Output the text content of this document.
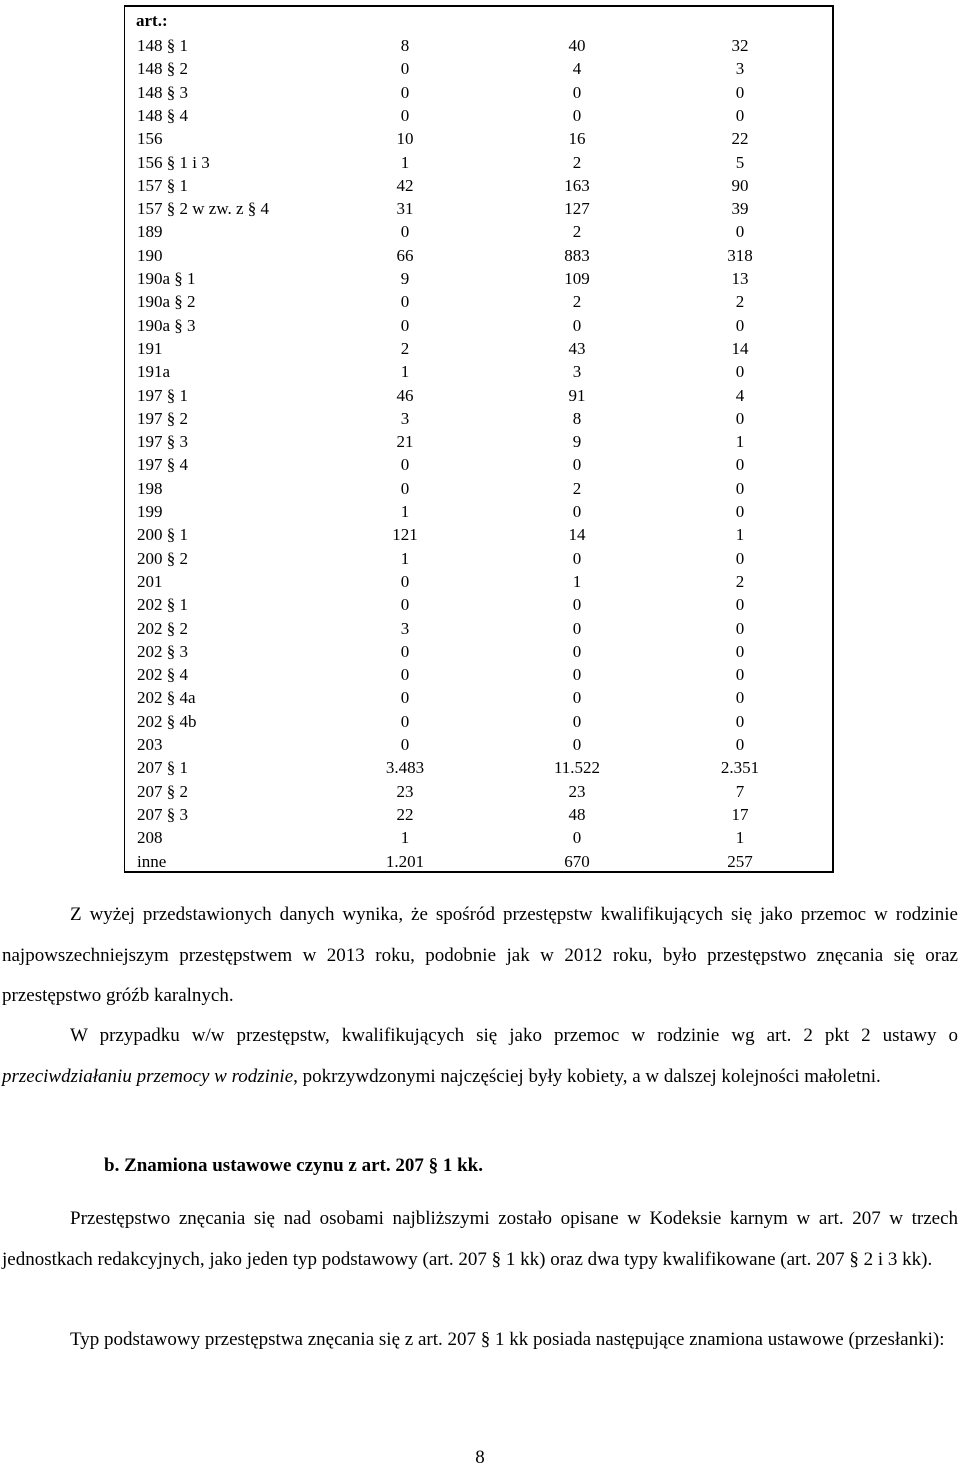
art.:
148 § 1	8	40	32
148 § 2	0	4	3
148 § 3	0	0	0
148 § 4	0	0	0
156	10	16	22
156 § 1 i 3	1	2	5
157 § 1	42	163	90
157 § 2 w zw. z § 4	31	127	39
189	0	2	0
190	66	883	318
190a § 1	9	109	13
190a § 2	0	2	2
190a § 3	0	0	0
191	2	43	14
191a	1	3	0
197 § 1	46	91	4
197 § 2	3	8	0
197 § 3	21	9	1
197 § 4	0	0	0
198	0	2	0
199	1	0	0
200 § 1	121	14	1
200 § 2	1	0	0
201	0	1	2
202 § 1	0	0	0
202 § 2	3	0	0
202 § 3	0	0	0
202 § 4	0	0	0
202 § 4a	0	0	0
202 § 4b	0	0	0
203	0	0	0
207 § 1	3.483	11.522	2.351
207 § 2	23	23	7
207 § 3	22	48	17
208	1	0	1
inne	1.201	670	257

Z wyżej przedstawionych danych wynika, że spośród przestępstw kwalifikujących się jako przemoc w rodzinie najpowszechniejszym przestępstwem w 2013 roku, podobnie jak w 2012 roku, było przestępstwo znęcania się oraz przestępstwo gróźb karalnych.

W przypadku w/w przestępstw, kwalifikujących się jako przemoc w rodzinie wg art. 2 pkt 2 ustawy o przeciwdziałaniu przemocy w rodzinie, pokrzywdzonymi najczęściej były kobiety, a w dalszej kolejności małoletni.

b. Znamiona ustawowe czynu z art. 207 § 1 kk.

Przestępstwo znęcania się nad osobami najbliższymi zostało opisane w Kodeksie karnym w art. 207 w trzech jednostkach redakcyjnych, jako jeden typ podstawowy (art. 207 § 1 kk) oraz dwa typy kwalifikowane (art. 207 § 2 i 3 kk).

Typ podstawowy przestępstwa znęcania się z art. 207 § 1 kk posiada następujące znamiona ustawowe (przesłanki):

8
